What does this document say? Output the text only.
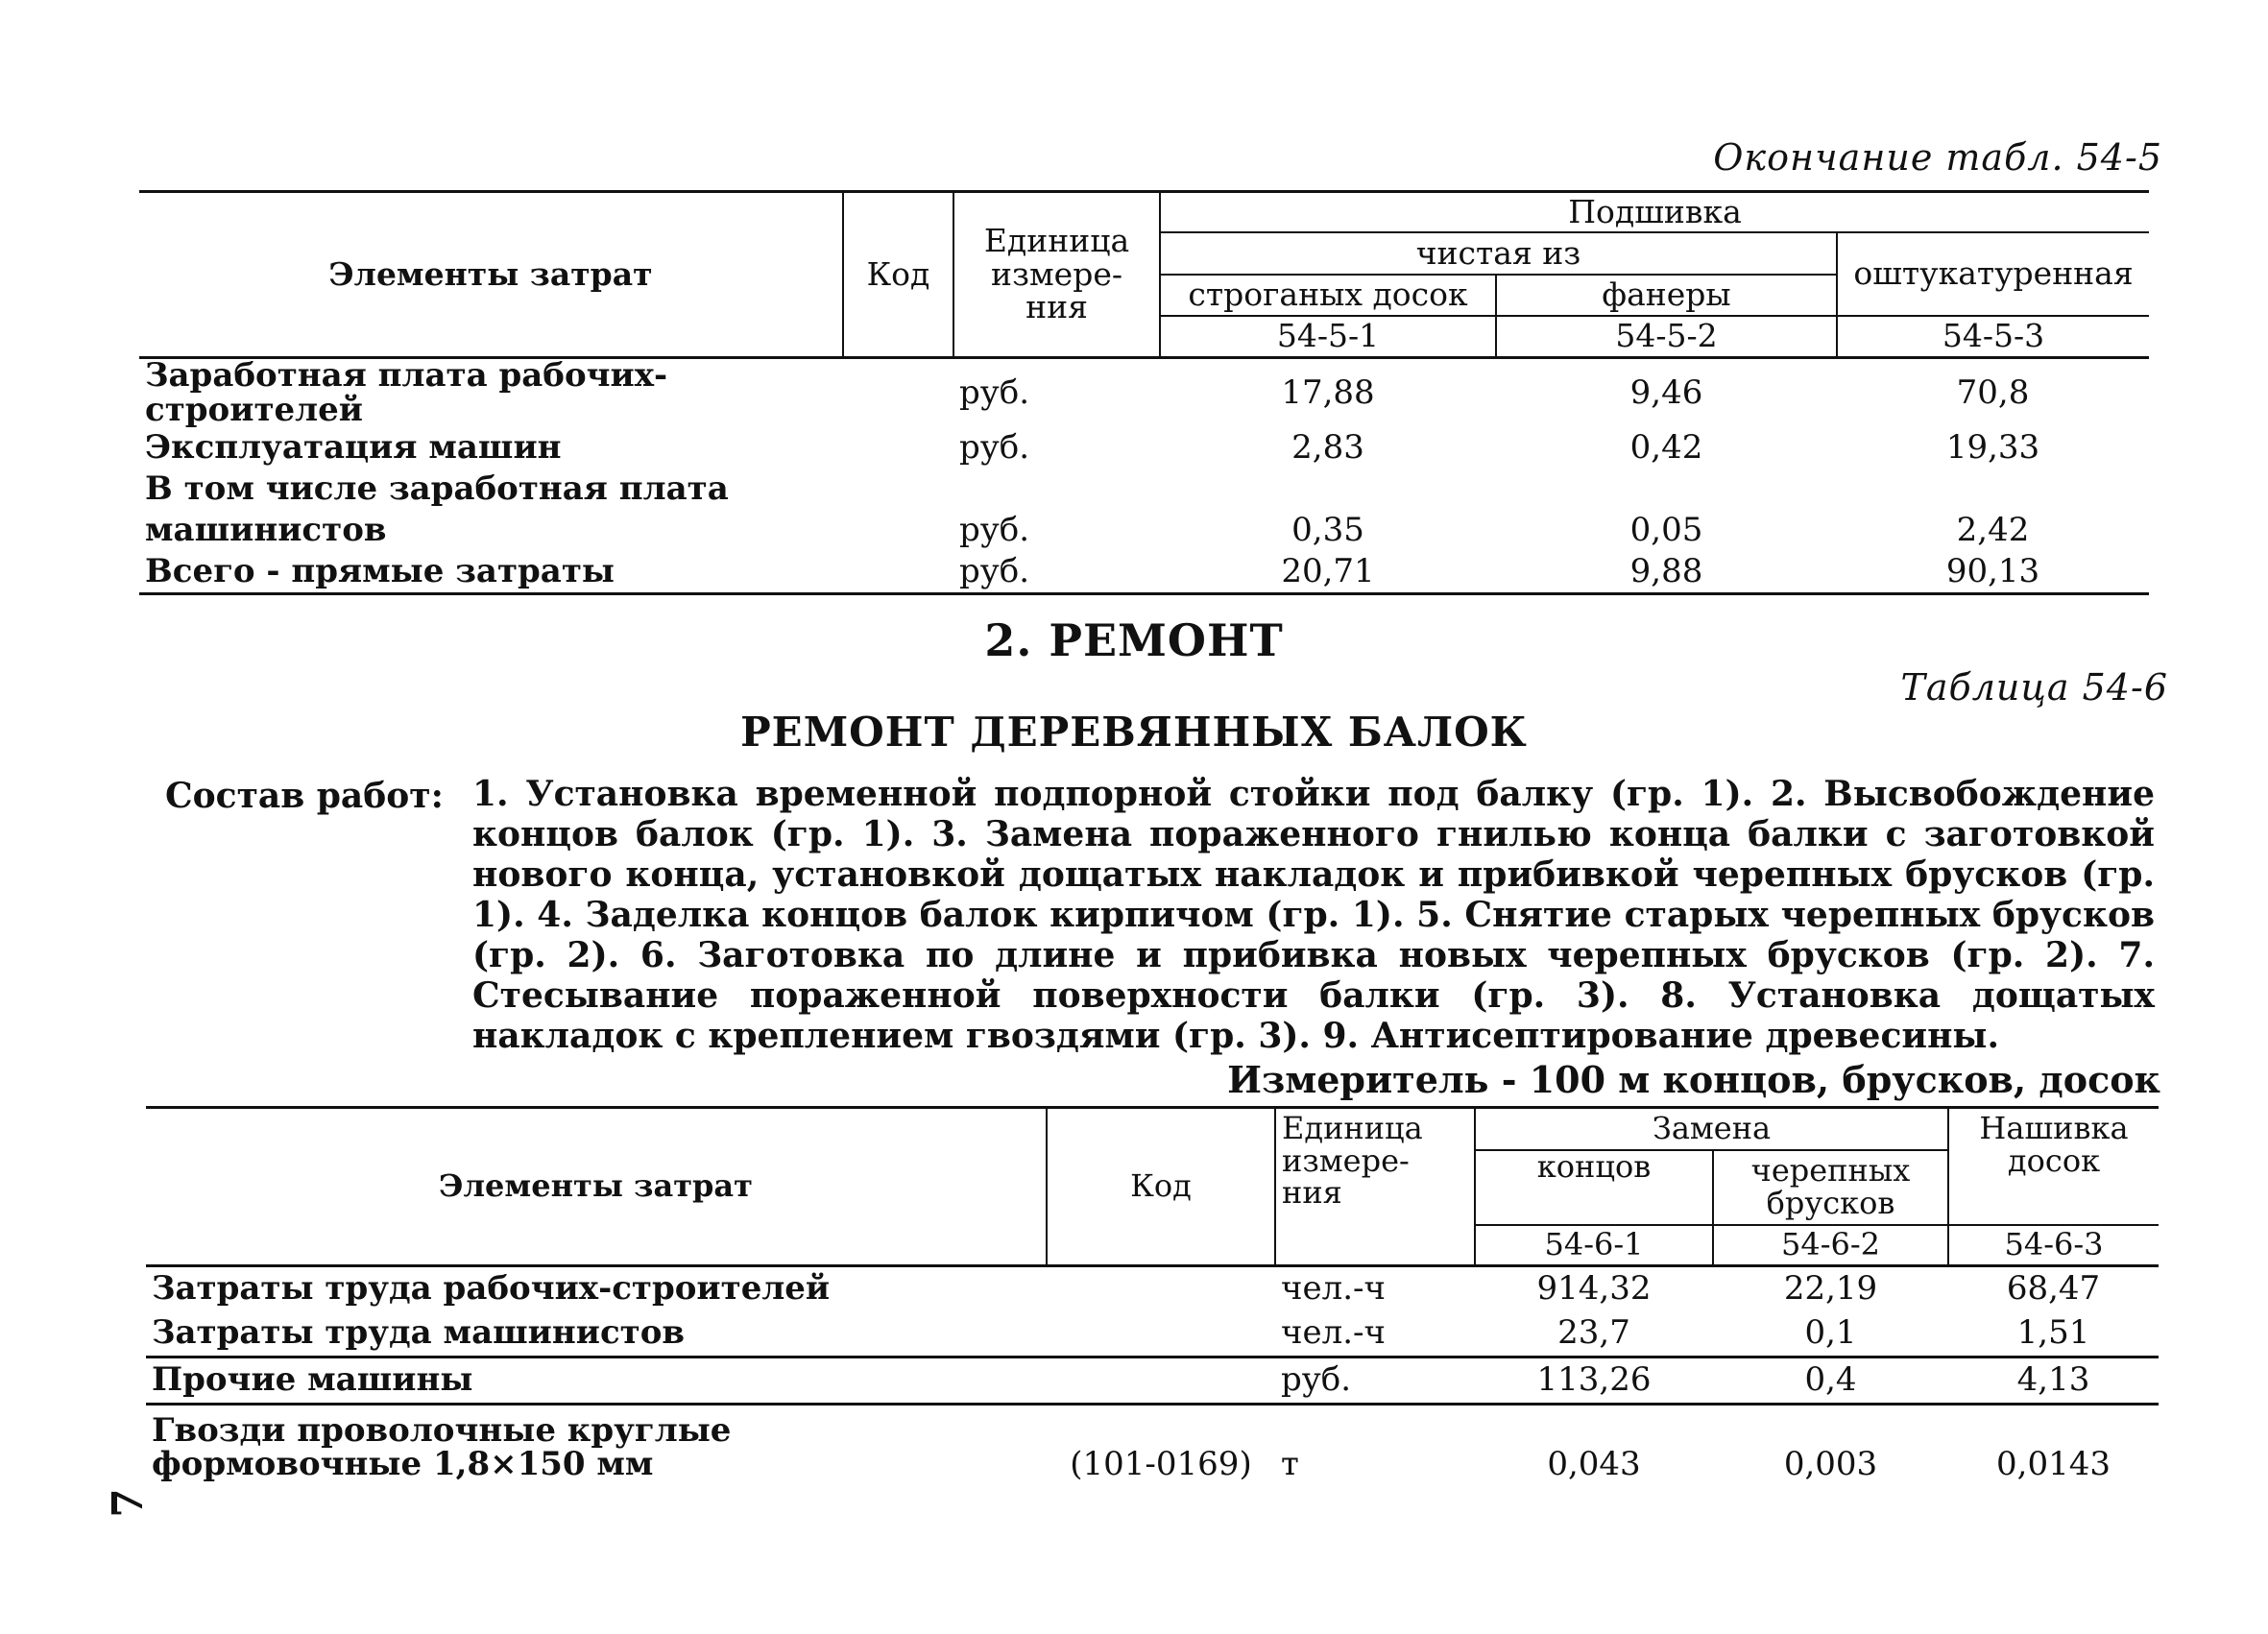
Окончание табл. 54-5
Элементы затрат	Код	Единица измере- ния	Подшивка		
			чистая из		оштукатуренная
			строганых досок	фанеры	
			54-5-1	54-5-2	54-5-3
Заработная плата рабочих-строителей		руб.	17,88	9,46	70,8
Эксплуатация машин		руб.	2,83	0,42	19,33
В том числе заработная плата					
машинистов		руб.	0,35	0,05	2,42
Всего - прямые затраты		руб.	20,71	9,88	90,13
2. РЕМОНТ
Таблица 54-6
РЕМОНТ ДЕРЕВЯННЫХ БАЛОК
Состав работ: 1. Установка временной подпорной стойки под балку (гр. 1). 2. Высвобождение концов балок (гр. 1). 3. Замена пораженного гнилью конца балки с заготовкой нового конца, установкой дощатых накладок и прибивкой черепных брусков (гр. 1). 4. Заделка концов балок кирпичом (гр. 1). 5. Снятие старых черепных брусков (гр. 2). 6. Заготовка по длине и прибивка новых черепных брусков (гр. 2). 7. Стесывание пораженной поверхности балки (гр. 3). 8. Установка дощатых накладок с креплением гвоздями (гр. 3). 9. Антисептирование древесины.
Измеритель - 100 м концов, брусков, досок
Элементы затрат	Код	Единица измере- ния	Замена		Нашивка досок
			концов	черепных брусков	
			54-6-1	54-6-2	54-6-3
Затраты труда рабочих-строителей		чел.-ч	914,32	22,19	68,47
Затраты труда машинистов		чел.-ч	23,7	0,1	1,51
Прочие машины		руб.	113,26	0,4	4,13
Гвозди проволочные круглые формовочные 1,8×150 мм	(101-0169)	т	0,043	0,003	0,0143
7
